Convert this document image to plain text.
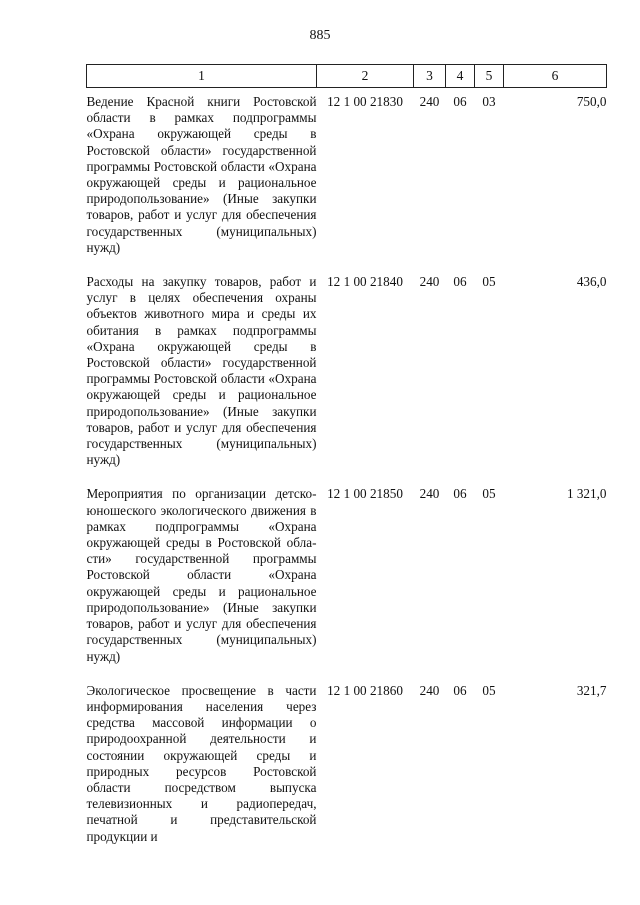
885
1	2	3	4	5	6
Ведение Красной книги Ростовской области в рамках подпрограммы «Охрана окружающей среды в Ростовской области» государственной программы Ростовской области «Охрана окружающей среды и рациональное природопользование» (Иные закупки товаров, работ и услуг для обеспечения государственных (муниципальных) нужд)	12 1 00 21830	240	06	03	750,0
Расходы на закупку товаров, работ и услуг в целях обеспечения охраны объектов животного мира и среды их обитания в рамках подпрограммы «Охрана окружающей среды в Ростовской области» государственной программы Ростовской области «Охрана окружающей среды и рациональное природопользование» (Иные закупки товаров, работ и услуг для обеспечения государственных (муниципальных) нужд)	12 1 00 21840	240	06	05	436,0
Мероприятия по организации детско-юношеского экологического движения в рамках подпрограммы «Охрана окружающей среды в Ростовской области» государственной программы Ростовской области «Охрана окружающей среды и рациональное природопользование» (Иные закупки товаров, работ и услуг для обеспечения государственных (муниципальных) нужд)	12 1 00 21850	240	06	05	1 321,0
Экологическое просвещение в части информирования населения через средства массовой информации о природоохранной деятельности и состоянии окружающей среды и природных ресурсов Ростовской области посредством выпуска телевизионных и радиопередач, печатной и представительской продукции и	12 1 00 21860	240	06	05	321,7
